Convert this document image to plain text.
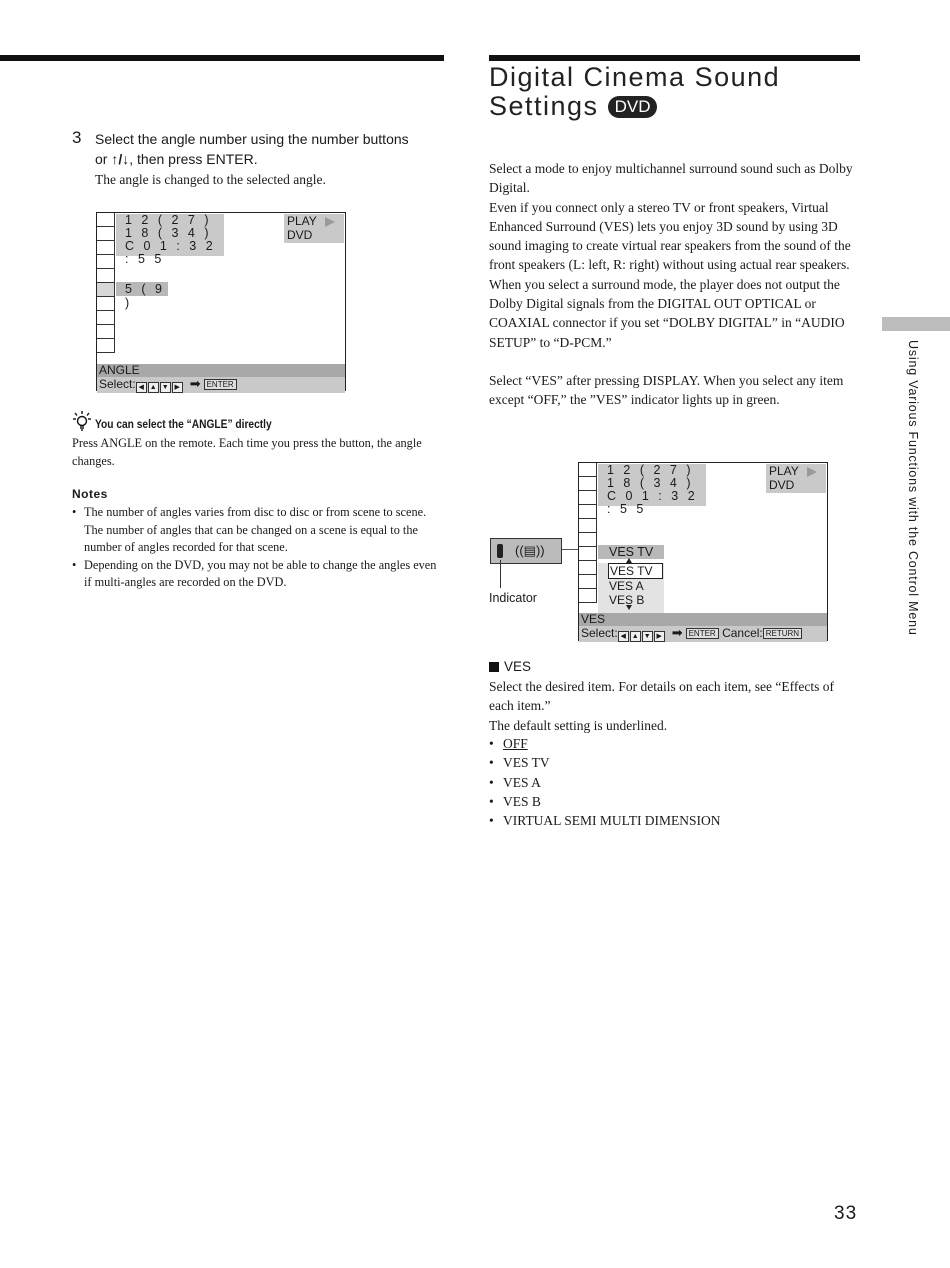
3 Select the angle number using the number buttons
or ↑/↓, then press ENTER.
The angle is changed to the selected angle.
1 2 ( 2 7 )
1 8 ( 3 4 )
C 0 1 : 3 2 : 5 5
PLAY
DVD
5 ( 9 )
ANGLE
Select: ◀ ▲ ▼ ▶ ➡ ENTER
You can select the “ANGLE” directly
Press ANGLE on the remote. Each time you press the button, the angle changes.
Notes
• The number of angles varies from disc to disc or from scene to scene. The number of angles that can be changed on a scene is equal to the number of angles recorded for that scene.
• Depending on the DVD, you may not be able to change the angles even if multi-angles are recorded on the DVD.
Digital Cinema Sound
Settings DVD
Select a mode to enjoy multichannel surround sound such as Dolby Digital.
Even if you connect only a stereo TV or front speakers, Virtual Enhanced Surround (VES) lets you enjoy 3D sound by using 3D sound imaging to create virtual rear speakers from the sound of the front speakers (L: left, R: right) without using actual rear speakers.
When you select a surround mode, the player does not output the Dolby Digital signals from the DIGITAL OUT OPTICAL or COAXIAL connector if you set “DOLBY DIGITAL” in “AUDIO SETUP” to “D-PCM.”
Select “VES” after pressing DISPLAY. When you select any item except “OFF,” the ”VES” indicator lights up in green.
((▤))
Indicator
1 2 ( 2 7 )
1 8 ( 3 4 )
C 0 1 : 3 2 : 5 5
PLAY
DVD
VES TV
VES TV
VES A
VES B
VES
Select: ◀ ▲ ▼ ▶ ➡ ENTER Cancel: RETURN
VES
Select the desired item. For details on each item, see “Effects of each item.”
The default setting is underlined.
• OFF
• VES TV
• VES A
• VES B
• VIRTUAL SEMI MULTI DIMENSION
Using Various Functions with the Control Menu
33
